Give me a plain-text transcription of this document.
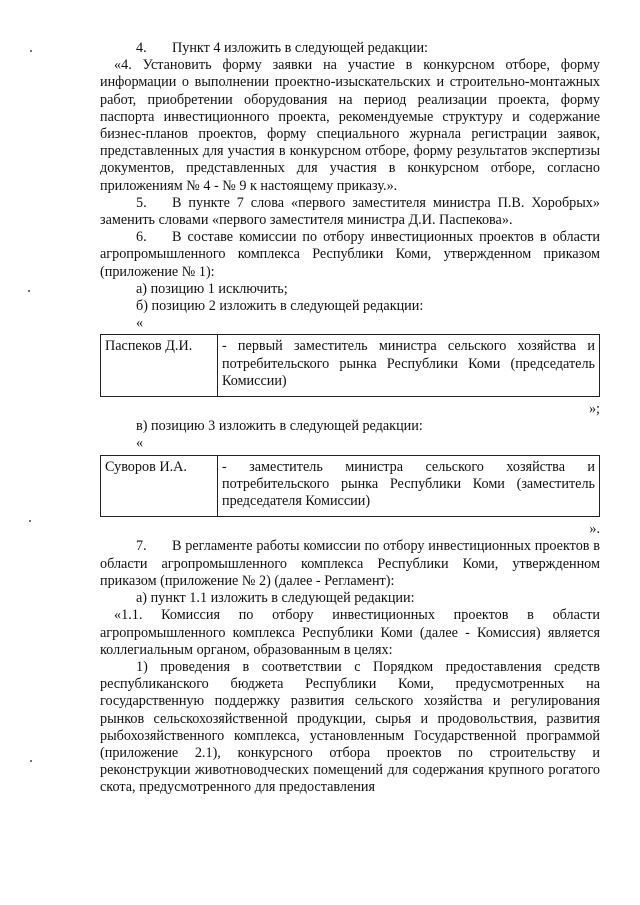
4. Пункт 4 изложить в следующей редакции:

«4. Установить форму заявки на участие в конкурсном отборе, форму информации о выполнении проектно-изыскательских и строительно-монтажных работ, приобретении оборудования на период реализации проекта, форму паспорта инвестиционного проекта, рекомендуемые структуру и содержание бизнес-планов проектов, форму специального журнала регистрации заявок, представленных для участия в конкурсном отборе, форму результатов экспертизы документов, представленных для участия в конкурсном отборе, согласно приложениям № 4 - № 9 к настоящему приказу.».

5. В пункте 7 слова «первого заместителя министра П.В. Хоробрых» заменить словами «первого заместителя министра Д.И. Паспекова».

6. В составе комиссии по отбору инвестиционных проектов в области агропромышленного комплекса Республики Коми, утвержденном приказом (приложение № 1):

а) позицию 1 исключить;

б) позицию 2 изложить в следующей редакции:

«

Паспеков Д.И.	- первый заместитель министра сельского хозяйства и потребительского рынка Республики Коми (председатель Комиссии)

»;

в) позицию 3 изложить в следующей редакции:

«

Суворов И.А.	- заместитель министра сельского хозяйства и потребительского рынка Республики Коми (заместитель председателя Комиссии)

».

7. В регламенте работы комиссии по отбору инвестиционных проектов в области агропромышленного комплекса Республики Коми, утвержденном приказом (приложение № 2) (далее - Регламент):

а) пункт 1.1 изложить в следующей редакции:

«1.1. Комиссия по отбору инвестиционных проектов в области агропромышленного комплекса Республики Коми (далее - Комиссия) является коллегиальным органом, образованным в целях:

1) проведения в соответствии с Порядком предоставления средств республиканского бюджета Республики Коми, предусмотренных на государственную поддержку развития сельского хозяйства и регулирования рынков сельскохозяйственной продукции, сырья и продовольствия, развития рыбохозяйственного комплекса, установленным Государственной программой (приложение 2.1), конкурсного отбора проектов по строительству и реконструкции животноводческих помещений для содержания крупного рогатого скота, предусмотренного для предоставления
